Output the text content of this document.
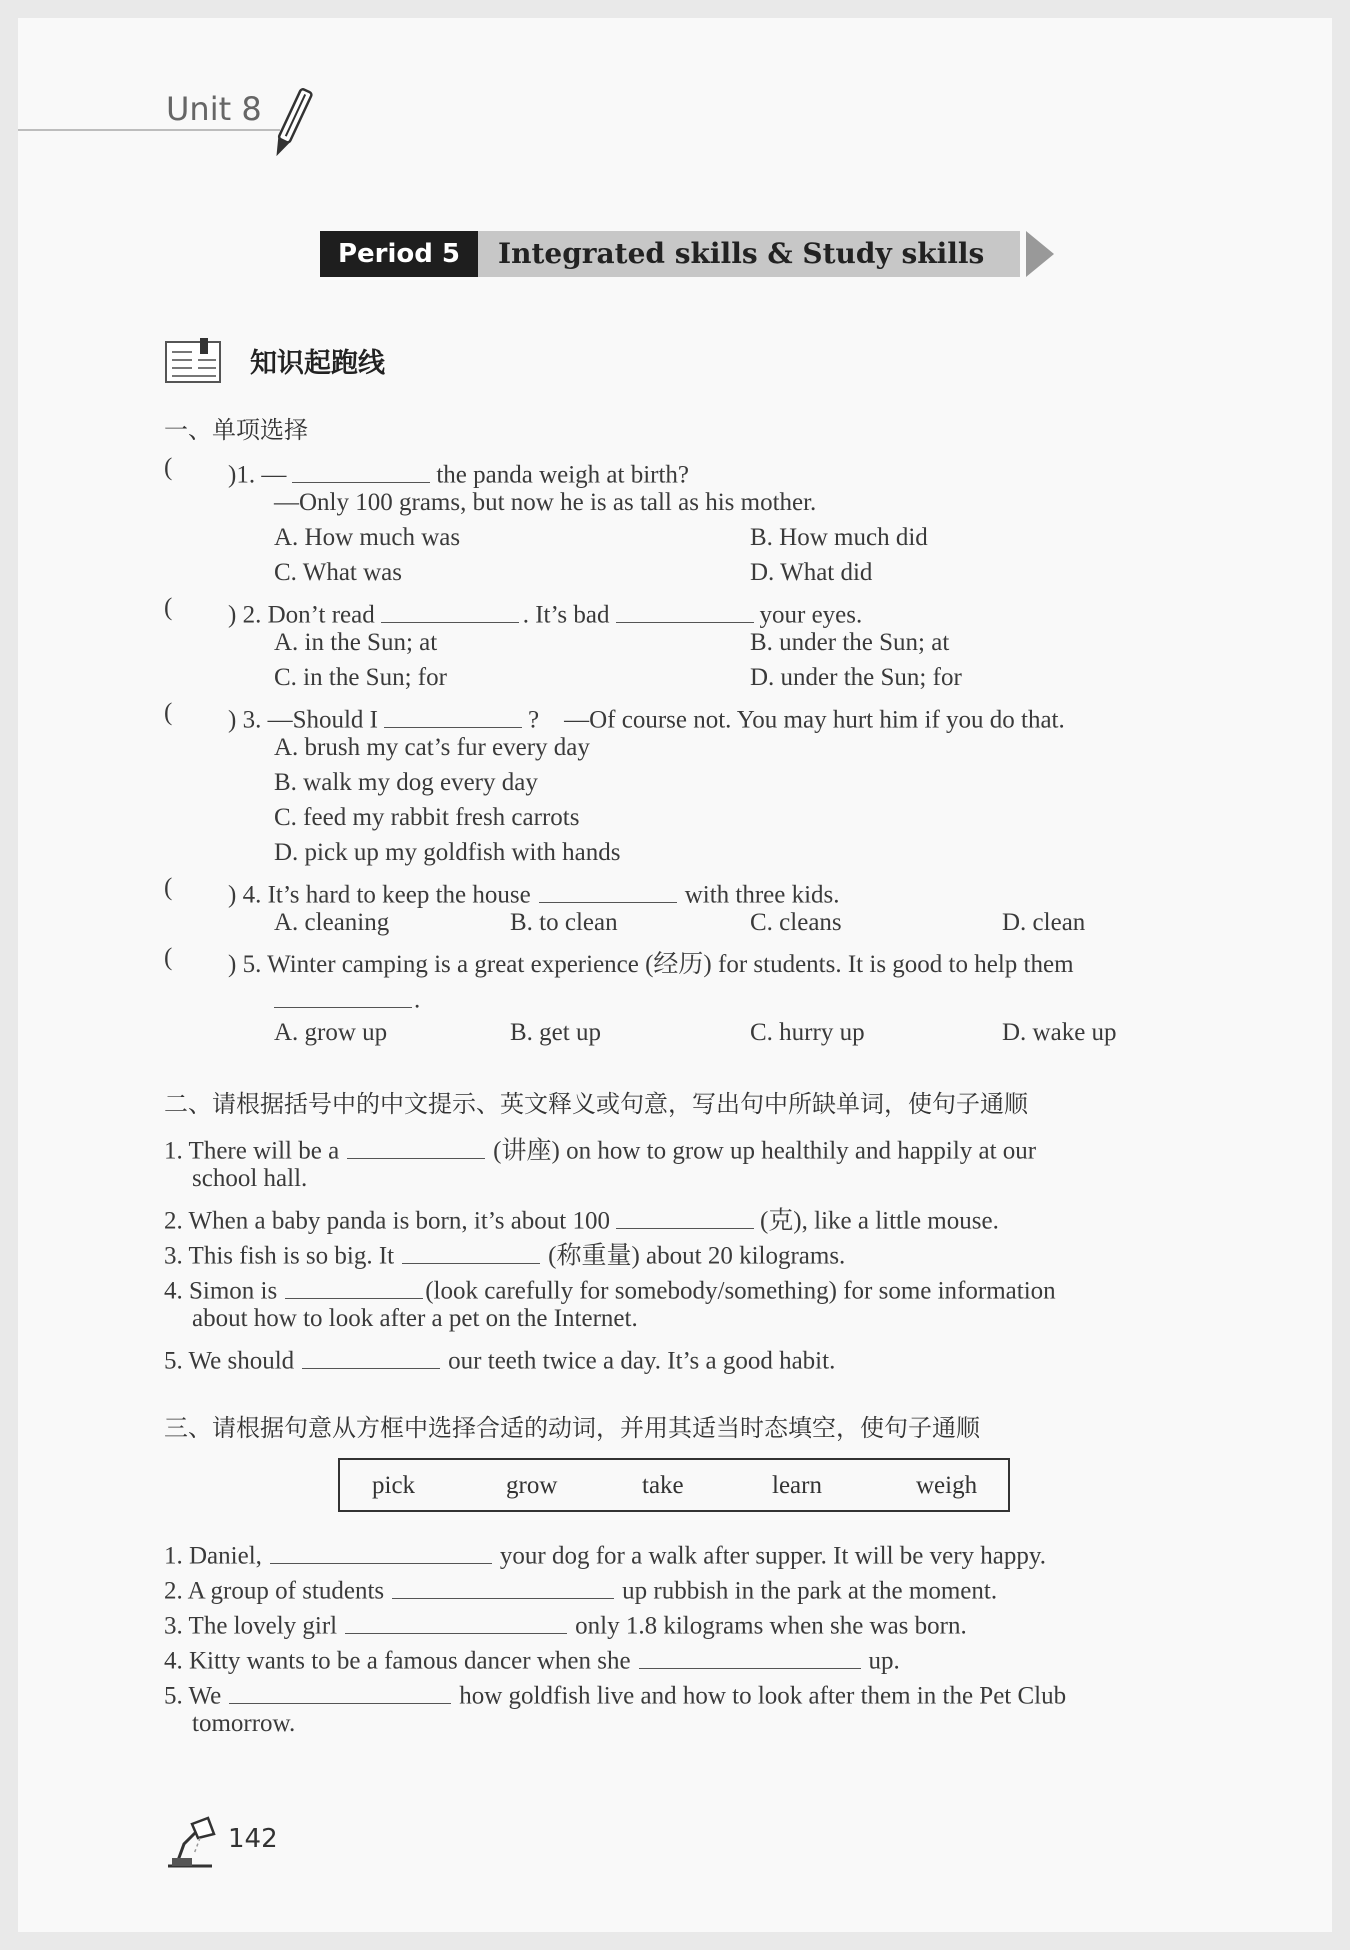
Unit 8
Period 5	Integrated skills & Study skills
知识起跑线
一、单项选择
( )1. —	the panda weigh at birth?
—Only 100 grams, but now he is as tall as his mother.
A. How much was	B. How much did
C. What was	D. What did
( ) 2. Don’t read	. It’s bad	your eyes.
A. in the Sun; at	B. under the Sun; at
C. in the Sun; for	D. under the Sun; for
( ) 3. —Should I	?　—Of course not. You may hurt him if you do that.
A. brush my cat’s fur every day
B. walk my dog every day
C. feed my rabbit fresh carrots
D. pick up my goldfish with hands
( ) 4. It’s hard to keep the house	with three kids.
A. cleaning	B. to clean	C. cleans	D. clean
( ) 5. Winter camping is a great experience (经历) for students. It is good to help them
.
A. grow up	B. get up	C. hurry up	D. wake up
二、请根据括号中的中文提示、英文释义或句意，写出句中所缺单词，使句子通顺
1. There will be a	(讲座) on how to grow up healthily and happily at our
school hall.
2. When a baby panda is born, it’s about 100	(克), like a little mouse.
3. This fish is so big. It	(称重量) about 20 kilograms.
4. Simon is	(look carefully for somebody/something) for some information
about how to look after a pet on the Internet.
5. We should	our teeth twice a day. It’s a good habit.
三、请根据句意从方框中选择合适的动词，并用其适当时态填空，使句子通顺
pick	grow	take	learn	weigh
1. Daniel,	your dog for a walk after supper. It will be very happy.
2. A group of students	up rubbish in the park at the moment.
3. The lovely girl	only 1.8 kilograms when she was born.
4. Kitty wants to be a famous dancer when she	up.
5. We	how goldfish live and how to look after them in the Pet Club
tomorrow.
142
